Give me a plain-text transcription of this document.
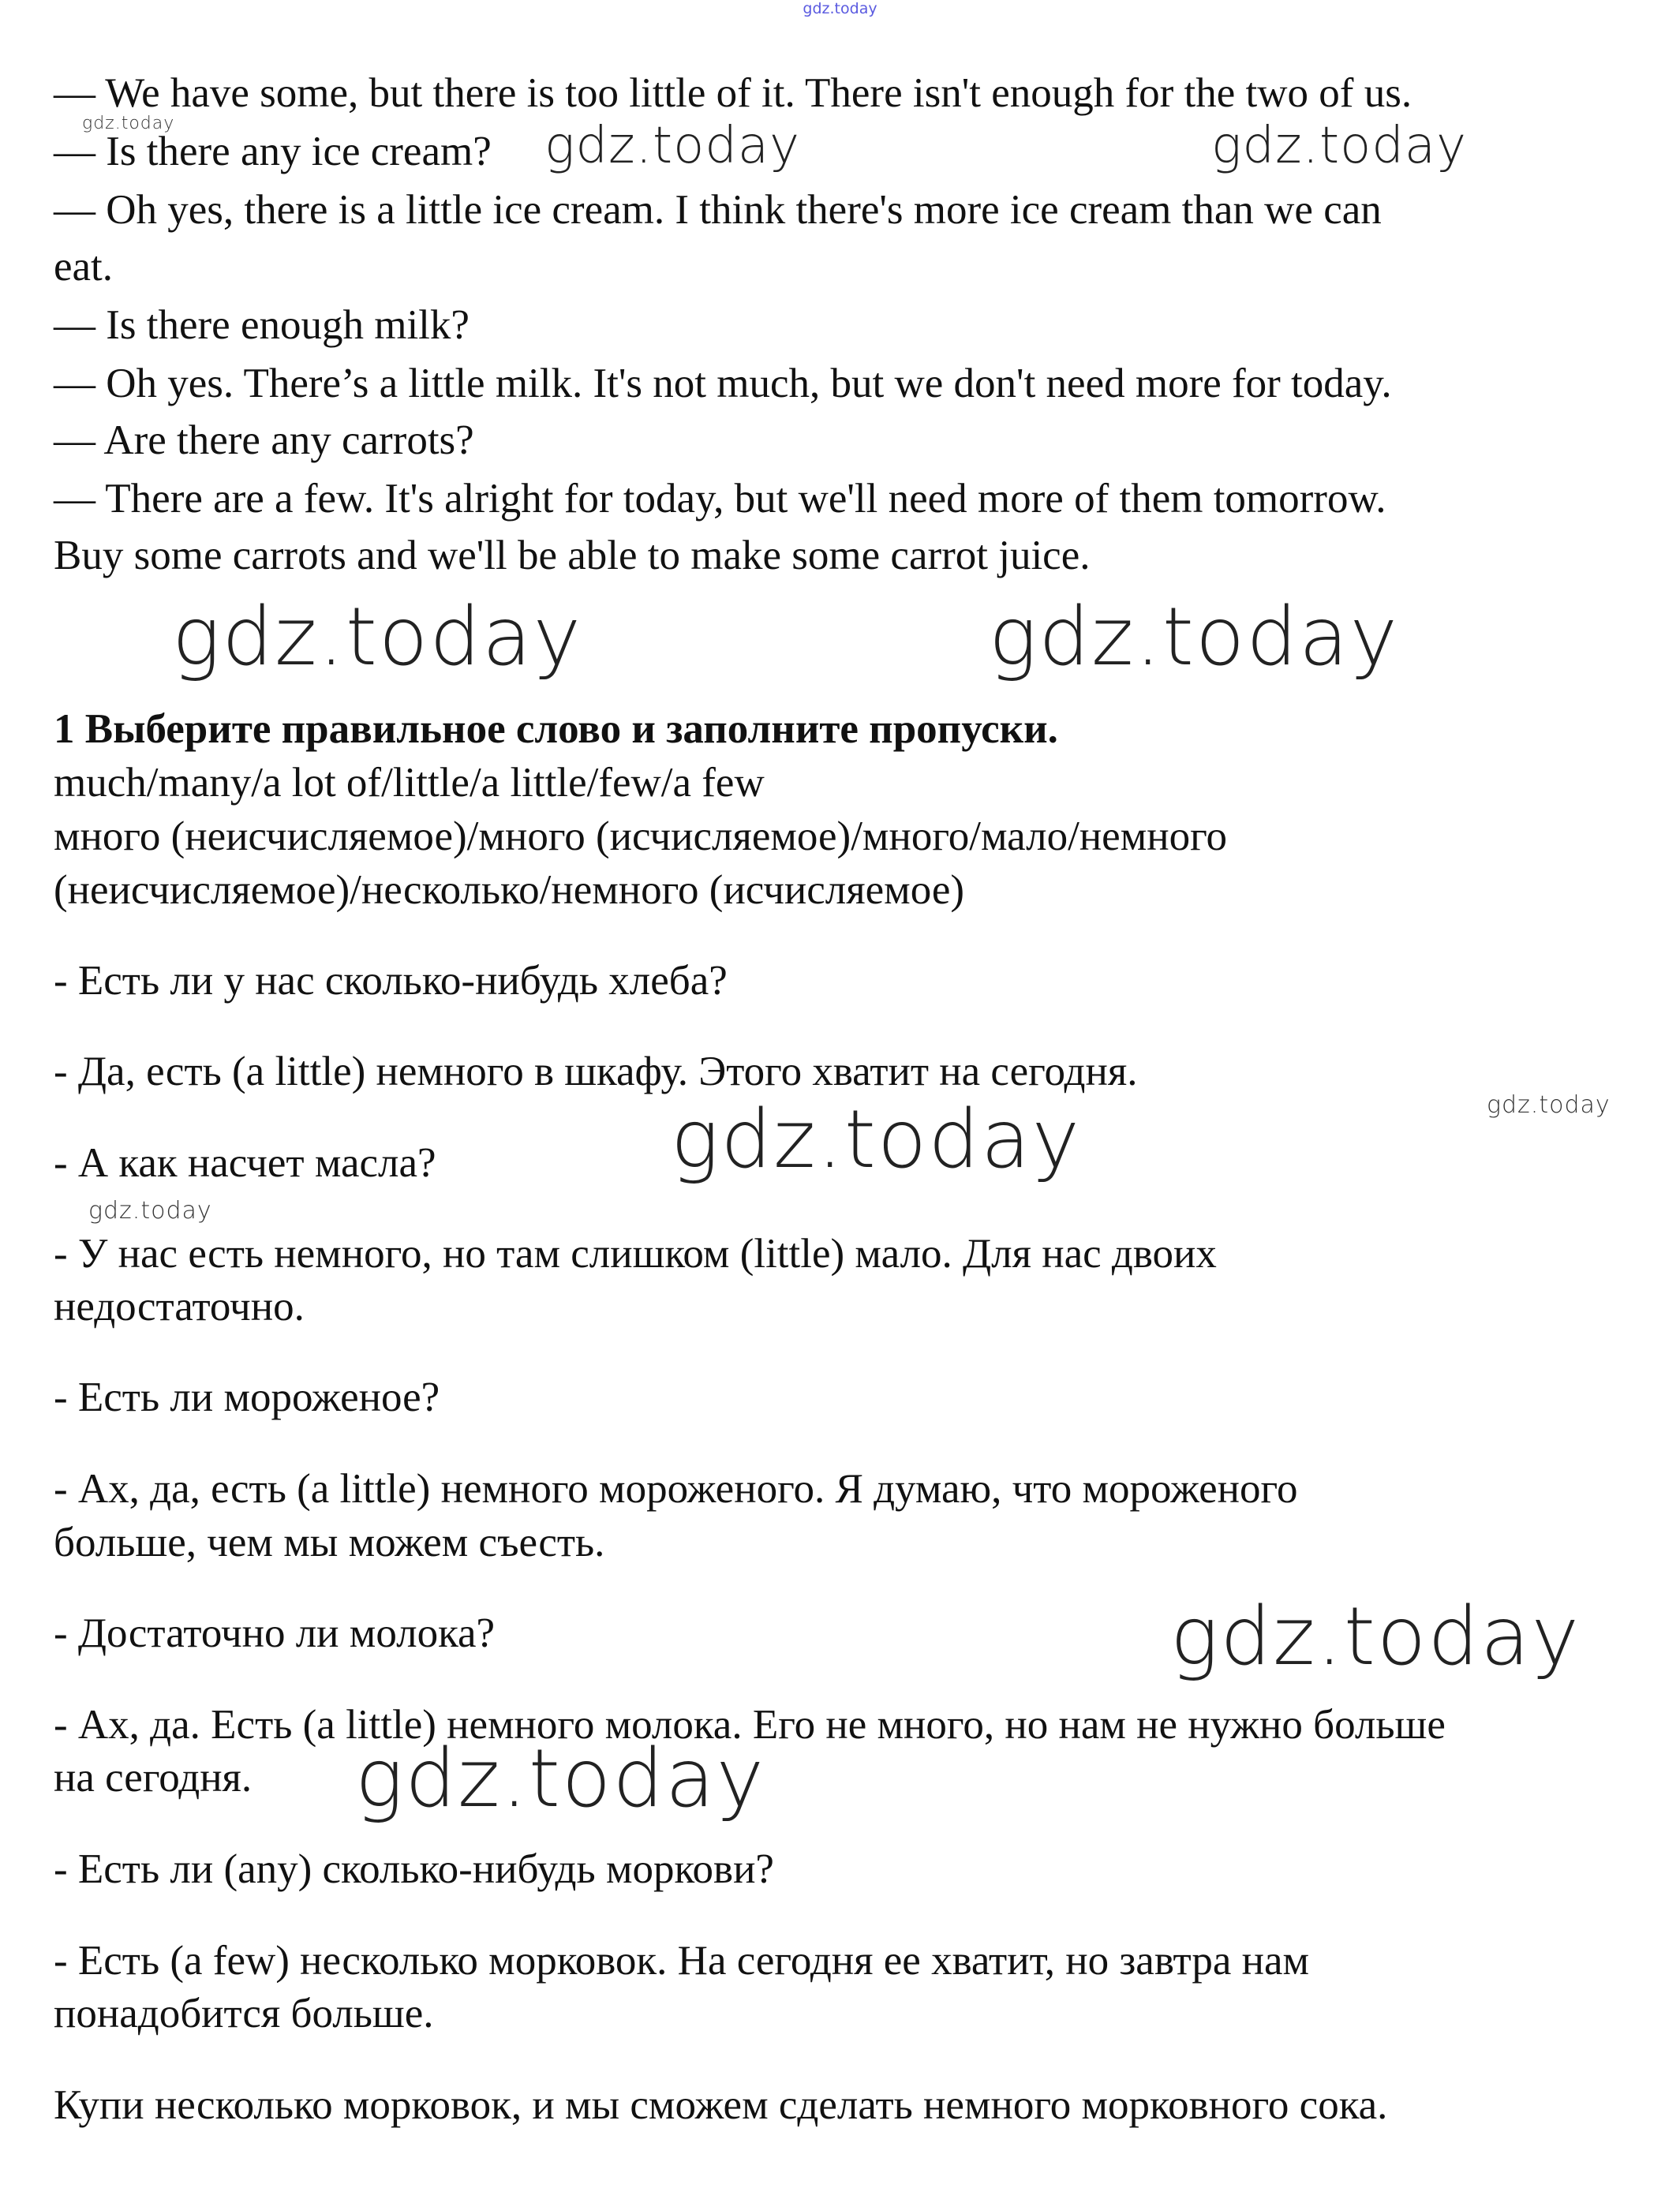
gdz.today
— We have some, but there is too little of it. There isn't enough for the two of us.
— Is there any ice cream?
— Oh yes, there is a little ice cream. I think there's more ice cream than we can
eat.
— Is there enough milk?
— Oh yes. There’s a little milk. It's not much, but we don't need more for today.
— Are there any carrots?
— There are a few. It's alright for today, but we'll need more of them tomorrow.
Buy some carrots and we'll be able to make some carrot juice.
1 Выберите правильное слово и заполните пропуски.
much/many/a lot of/little/a little/few/a few
много (неисчисляемое)/много (исчисляемое)/много/мало/немного
(неисчисляемое)/несколько/немного (исчисляемое)
- Есть ли у нас сколько-нибудь хлеба?
- Да, есть (a little) немного в шкафу. Этого хватит на сегодня.
- А как насчет масла?
- У нас есть немного, но там слишком (little) мало. Для нас двоих
недостаточно.
- Есть ли мороженое?
- Ах, да, есть (a little) немного мороженого. Я думаю, что мороженого
больше, чем мы можем съесть.
- Достаточно ли молока?
- Ах, да. Есть (a little) немного молока. Его не много, но нам не нужно больше
на сегодня.
- Есть ли (any) сколько-нибудь моркови?
- Есть (a few) несколько морковок. На сегодня ее хватит, но завтра нам
понадобится больше.
Купи несколько морковок, и мы сможем сделать немного морковного сока.
gdz.today	gdz.today	gdz.today
gdz.today	gdz.today
gdz.today
gdz.today
gdz.today
gdz.today
gdz.today
